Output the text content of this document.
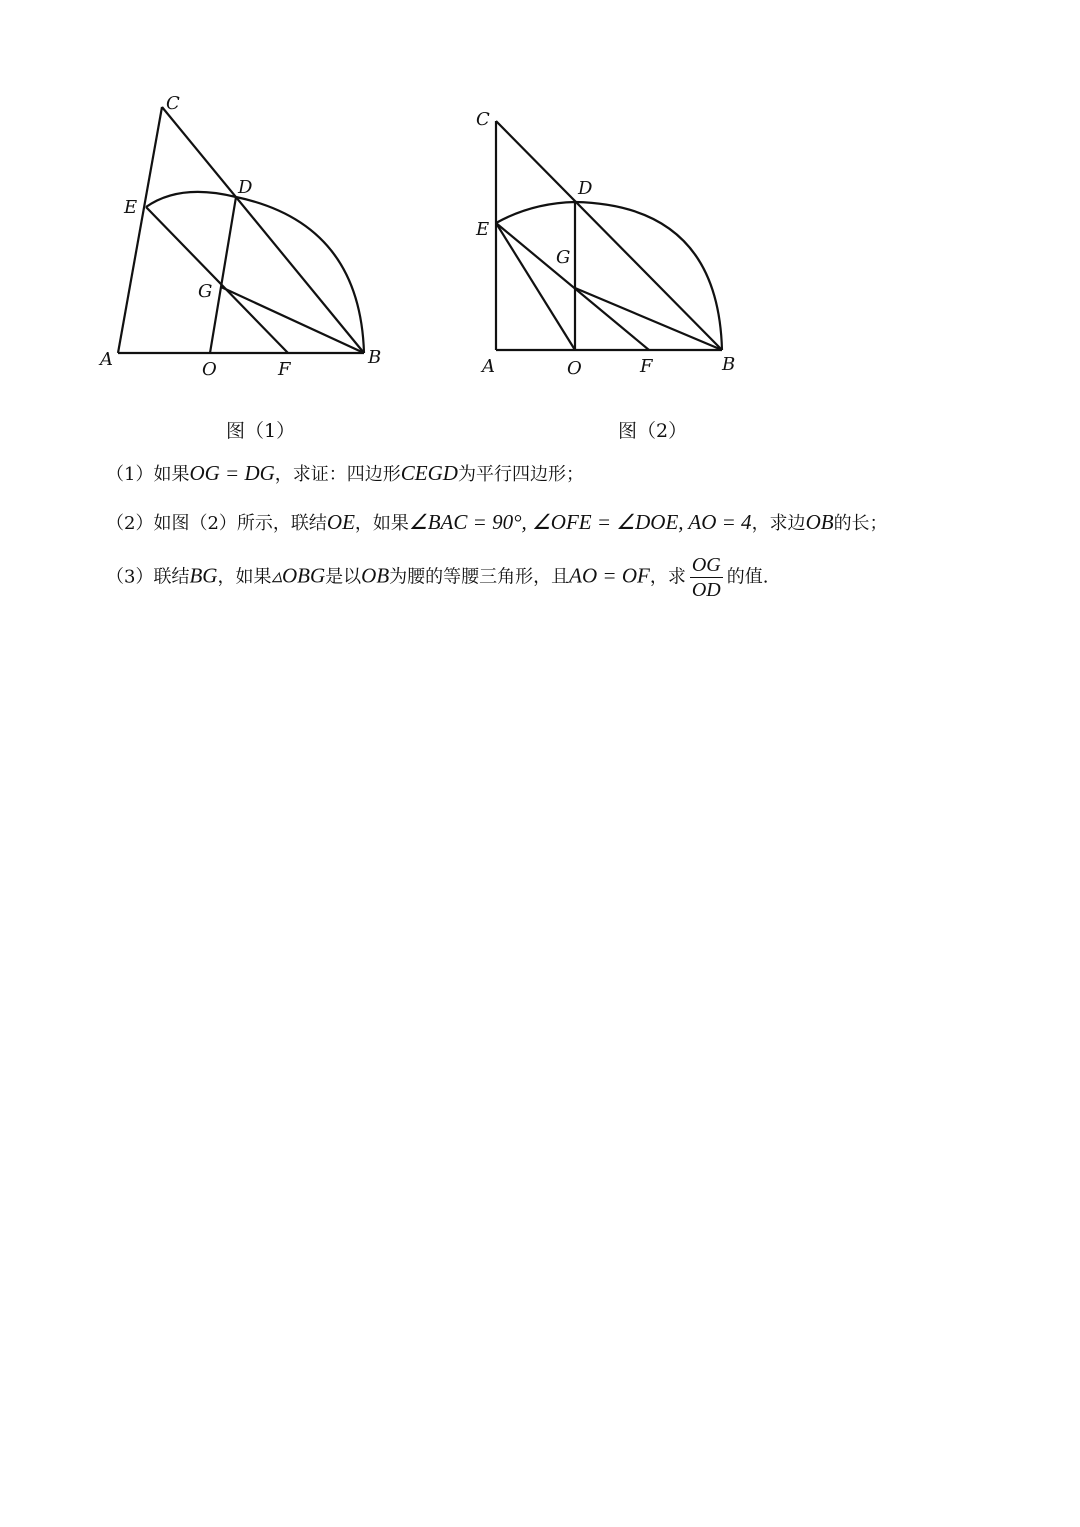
C
D
E
G
A	O	F
B
图（1）
C
D
E
G
A	O	F	B
图（2）
（1）如果OG = DG，求证：四边形CEGD为平行四边形；
（2）如图（2）所示，联结OE，如果∠BAC = 90°, ∠OFE = ∠DOE, AO = 4，求边OB的长；
（3）联结BG，如果▵OBG是以OB为腰的等腰三角形，且AO = OF，求 $\frac{OG}{OD}$ 的值.
